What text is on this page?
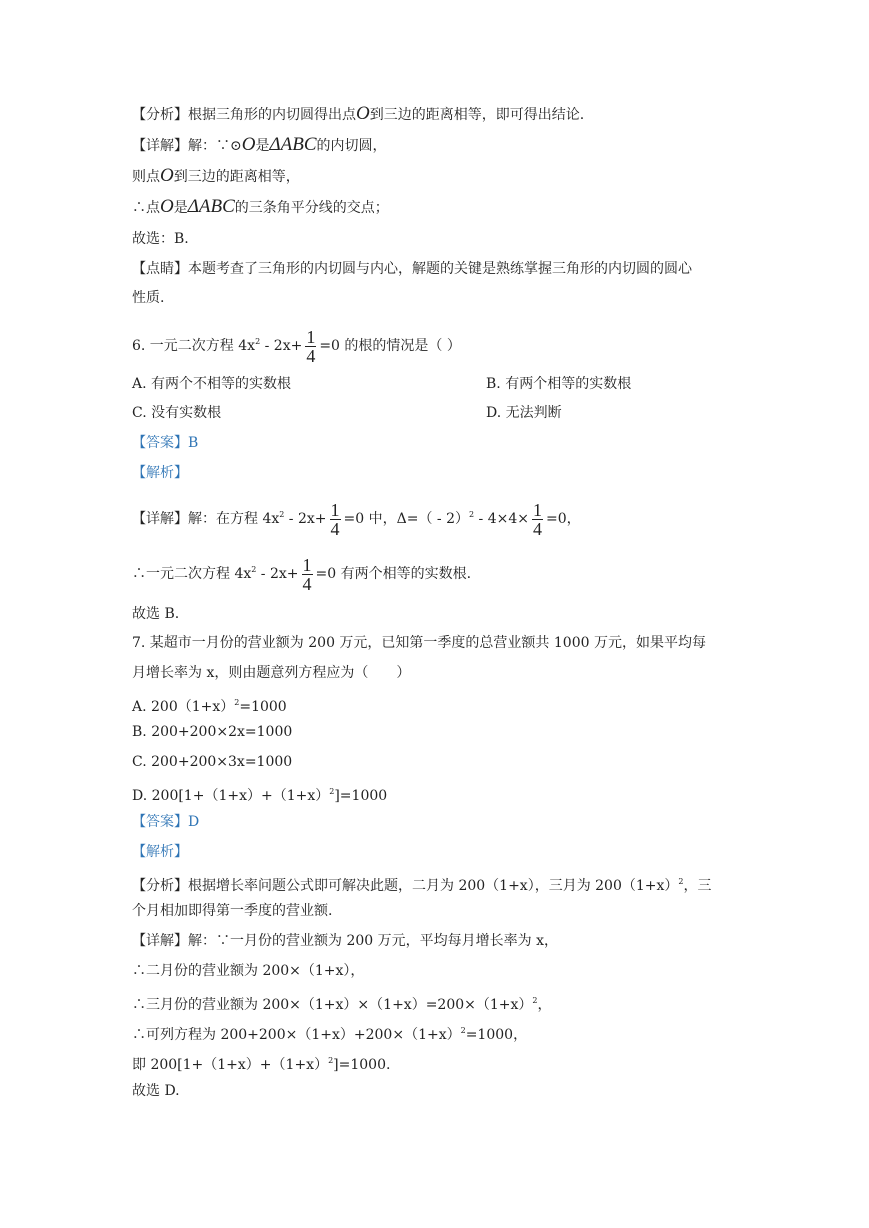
【分析】根据三角形的内切圆得出点O到三边的距离相等，即可得出结论.
【详解】解：∵⊙O是ΔABC的内切圆，
则点O到三边的距离相等，
∴点O是ΔABC的三条角平分线的交点；
故选：B.
【点睛】本题考查了三角形的内切圆与内心，解题的关键是熟练掌握三角形的内切圆的圆心
性质.
6. 一元二次方程 $4x^2 - 2x+ \frac{1}{4} =0$ 的根的情况是（ ）
A. 有两个不相等的实数根	B. 有两个相等的实数根
C. 没有实数根	D. 无法判断
【答案】B
【解析】
【详解】解：在方程 $4x^2 - 2x+ \frac{1}{4} =0$ 中，$\Delta=( - 2)^2 - 4\times 4\times \frac{1}{4} =0$，
∴一元二次方程 $4x^2 - 2x+ \frac{1}{4} =0$ 有两个相等的实数根.
故选 B.
7. 某超市一月份的营业额为 200 万元，已知第一季度的总营业额共 1000 万元，如果平均每
月增长率为 x，则由题意列方程应为（　　）
A. $200(1+x)^2=1000$
B. 200+200×2x=1000
C. 200+200×3x=1000
D. $200[1+(1+x)+(1+x)^2]=1000$
【答案】D
【解析】
【分析】根据增长率问题公式即可解决此题，二月为 200（1+x），三月为 $200(1+x)^2$，三
个月相加即得第一季度的营业额.
【详解】解：∵一月份的营业额为 200 万元，平均每月增长率为 x，
∴二月份的营业额为 200×（1+x），
∴三月份的营业额为 $200\times(1+x)\times(1+x)=200\times(1+x)^2$，
∴可列方程为 $200+200\times(1+x)+200\times(1+x)^2=1000$，
即 $200[1+(1+x)+(1+x)^2]=1000$.
故选 D.
